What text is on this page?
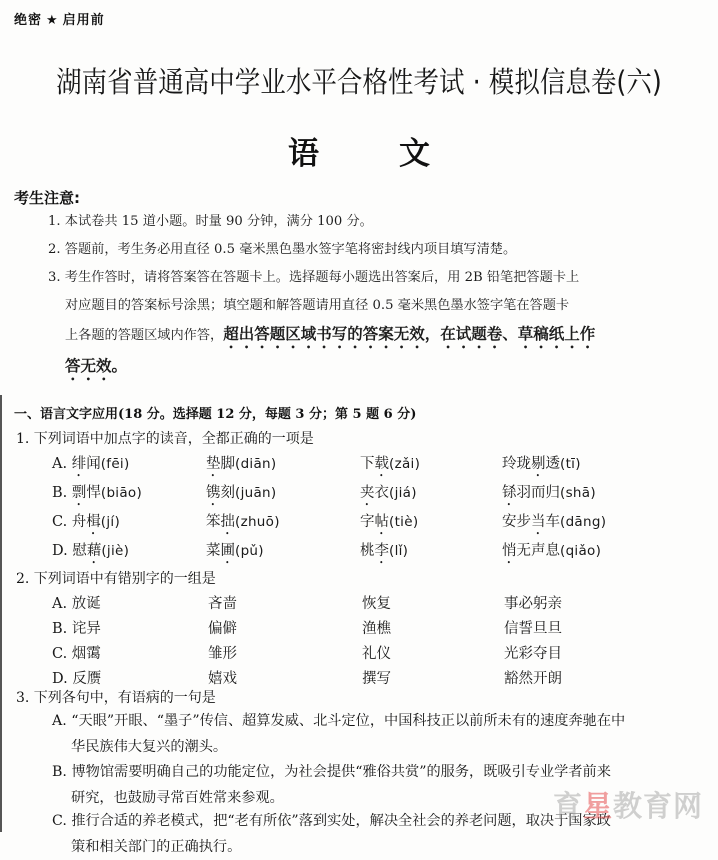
绝密 ★ 启用前
湖南省普通高中学业水平合格性考试 · 模拟信息卷(六)
语	文
考生注意:
1. 本试卷共 15 道小题。时量 90 分钟，满分 100 分。
2. 答题前，考生务必用直径 0.5 毫米黑色墨水签字笔将密封线内项目填写清楚。
3. 考生作答时，请将答案答在答题卡上。选择题每小题选出答案后，用 2B 铅笔把答题卡上
对应题目的答案标号涂黑；填空题和解答题请用直径 0.5 毫米黑色墨水签字笔在答题卡
上各题的答题区域内作答，超出答题区域书写的答案无效，在试题卷、草稿纸上作
答无效。
一、语言文字应用(18 分。选择题 12 分，每题 3 分；第 5 题 6 分)
1. 下列词语中加点字的读音，全都正确的一项是
A. 绯闻(fēi)	垫脚(diān)	下载(zǎi)	玲珑剔透(tī)
B. 剽悍(biāo)	镌刻(juān)	夹衣(jiá)	铩羽而归(shā)
C. 舟楫(jí)	笨拙(zhuō)	字帖(tiè)	安步当车(dāng)
D. 慰藉(jiè)	菜圃(pǔ)	桃李(lǐ)	悄无声息(qiǎo)
2. 下列词语中有错别字的一组是
A. 放诞	吝啬	恢复	事必躬亲
B. 诧异	偏僻	渔樵	信誓旦旦
C. 烟霭	雏形	礼仪	光彩夺目
D. 反赝	嬉戏	撰写	豁然开朗
3. 下列各句中，有语病的一句是
A. “天眼”开眼、“墨子”传信、超算发威、北斗定位，中国科技正以前所未有的速度奔驰在中
华民族伟大复兴的潮头。
B. 博物馆需要明确自己的功能定位，为社会提供“雅俗共赏”的服务，既吸引专业学者前来
研究，也鼓励寻常百姓常来参观。
C. 推行合适的养老模式，把“老有所依”落到实处，解决全社会的养老问题，取决于国家政
策和相关部门的正确执行。
育星教育网
